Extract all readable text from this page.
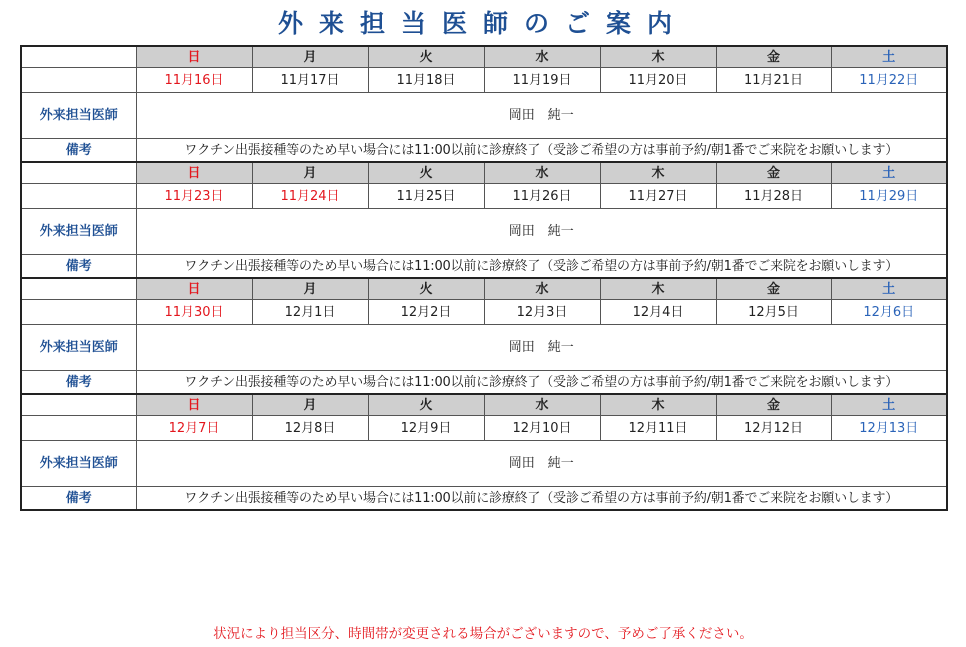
外来担当医師のご案内
	日	月	火	水	木	金	土
	11月16日	11月17日	11月18日	11月19日	11月20日	11月21日	11月22日
外来担当医師	岡田　純一						
備考	ワクチン出張接種等のため早い場合には11:00以前に診療終了（受診ご希望の方は事前予約/朝1番でご来院をお願いします）						
	日	月	火	水	木	金	土
	11月23日	11月24日	11月25日	11月26日	11月27日	11月28日	11月29日
外来担当医師	岡田　純一						
備考	ワクチン出張接種等のため早い場合には11:00以前に診療終了（受診ご希望の方は事前予約/朝1番でご来院をお願いします）						
	日	月	火	水	木	金	土
	11月30日	12月1日	12月2日	12月3日	12月4日	12月5日	12月6日
外来担当医師	岡田　純一						
備考	ワクチン出張接種等のため早い場合には11:00以前に診療終了（受診ご希望の方は事前予約/朝1番でご来院をお願いします）						
	日	月	火	水	木	金	土
	12月7日	12月8日	12月9日	12月10日	12月11日	12月12日	12月13日
外来担当医師	岡田　純一						
備考	ワクチン出張接種等のため早い場合には11:00以前に診療終了（受診ご希望の方は事前予約/朝1番でご来院をお願いします）						
状況により担当区分、時間帯が変更される場合がございますので、予めご了承ください。
